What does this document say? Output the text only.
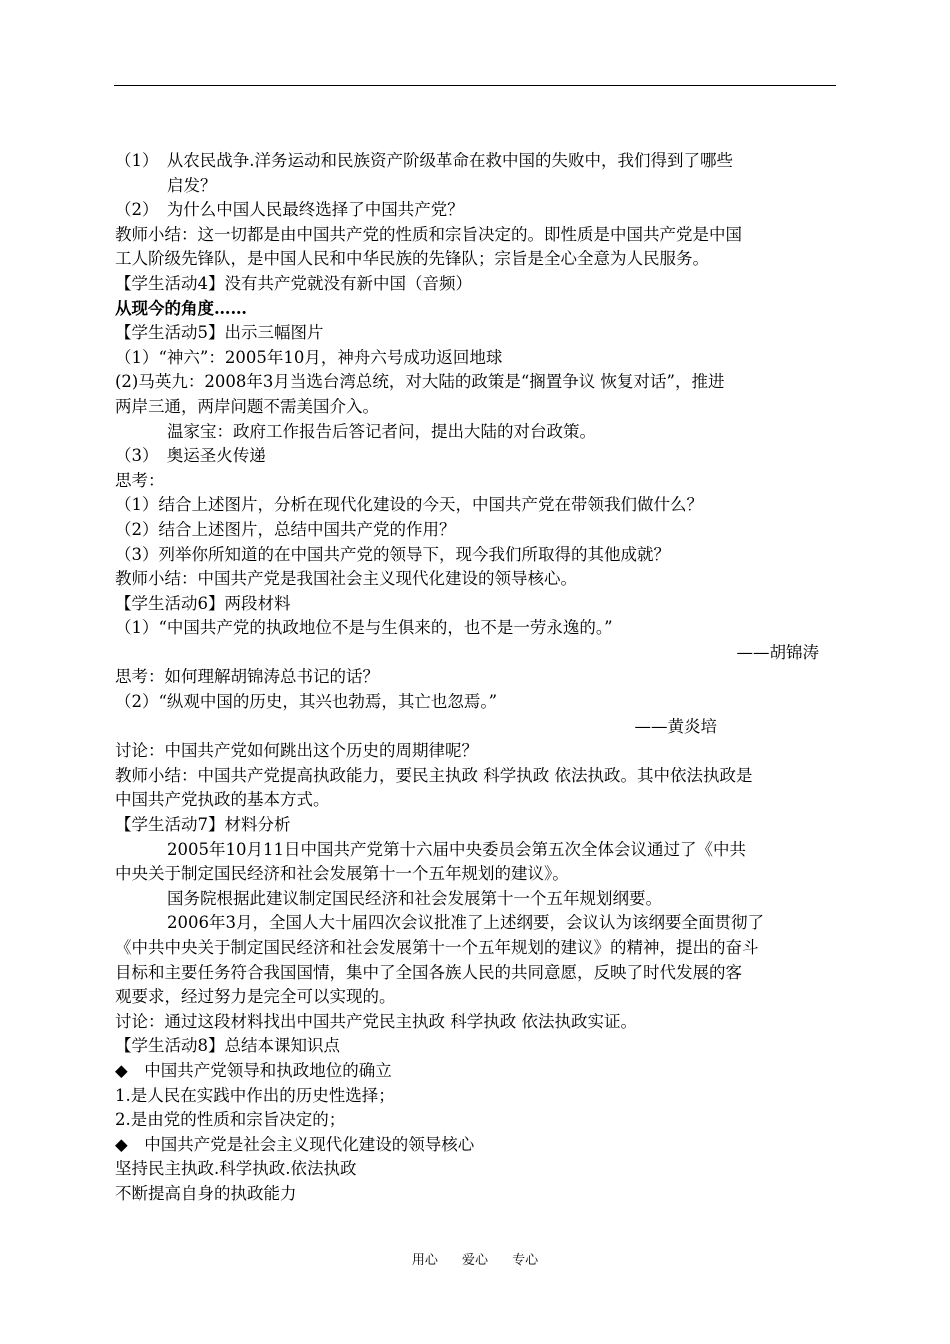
（1）　从农民战争.洋务运动和民族资产阶级革命在救中国的失败中，我们得到了哪些
启发？
（2）　为什么中国人民最终选择了中国共产党？
教师小结：这一切都是由中国共产党的性质和宗旨决定的。即性质是中国共产党是中国
工人阶级先锋队，是中国人民和中华民族的先锋队；宗旨是全心全意为人民服务。
【学生活动4】没有共产党就没有新中国（音频）
从现今的角度……
【学生活动5】出示三幅图片
（1）“神六”：2005年10月，神舟六号成功返回地球
(2)马英九：2008年3月当选台湾总统，对大陆的政策是“搁置争议 恢复对话”，推进
两岸三通，两岸问题不需美国介入。
温家宝：政府工作报告后答记者问，提出大陆的对台政策。
（3）　奥运圣火传递
思考：
（1）结合上述图片，分析在现代化建设的今天，中国共产党在带领我们做什么？
（2）结合上述图片，总结中国共产党的作用？
（3）列举你所知道的在中国共产党的领导下，现今我们所取得的其他成就？
教师小结：中国共产党是我国社会主义现代化建设的领导核心。
【学生活动6】两段材料
（1）“中国共产党的执政地位不是与生俱来的，也不是一劳永逸的。”
——胡锦涛
思考：如何理解胡锦涛总书记的话？
（2）“纵观中国的历史，其兴也勃焉，其亡也忽焉。”
——黄炎培
讨论：中国共产党如何跳出这个历史的周期律呢？
教师小结：中国共产党提高执政能力，要民主执政 科学执政 依法执政。其中依法执政是
中国共产党执政的基本方式。
【学生活动7】材料分析
2005年10月11日中国共产党第十六届中央委员会第五次全体会议通过了《中共
中央关于制定国民经济和社会发展第十一个五年规划的建议》。
国务院根据此建议制定国民经济和社会发展第十一个五年规划纲要。
2006年3月，全国人大十届四次会议批准了上述纲要，会议认为该纲要全面贯彻了
《中共中央关于制定国民经济和社会发展第十一个五年规划的建议》的精神，提出的奋斗
目标和主要任务符合我国国情，集中了全国各族人民的共同意愿，反映了时代发展的客
观要求，经过努力是完全可以实现的。
讨论：通过这段材料找出中国共产党民主执政 科学执政 依法执政实证。
【学生活动8】总结本课知识点
◆　中国共产党领导和执政地位的确立
1.是人民在实践中作出的历史性选择；
2.是由党的性质和宗旨决定的；
◆　中国共产党是社会主义现代化建设的领导核心
坚持民主执政.科学执政.依法执政
不断提高自身的执政能力
用心 爱心 专心
